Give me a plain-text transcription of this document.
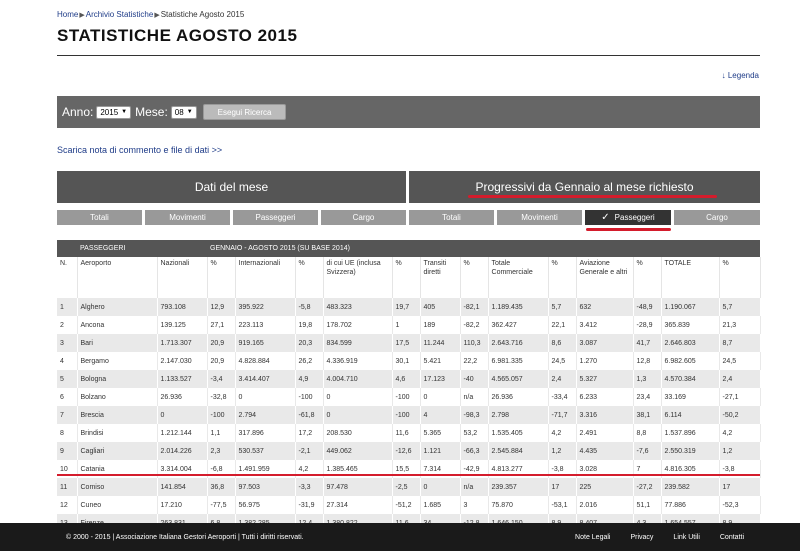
Home▶Archivio Statistiche▶Statistiche Agosto 2015
STATISTICHE AGOSTO 2015
↓ Legenda
Anno: 2015 ▼ Mese: 08 ▼	Esegui Ricerca
Scarica nota di commento e file di dati >>
Dati del mese	Progressivi da Gennaio al mese richiesto
Totali	Movimenti	Passeggeri	Cargo	Totali	Movimenti	✓ Passeggeri	Cargo
	PASSEGGERI		GENNAIO - AGOSTO 2015 (SU BASE 2014)												
N.	Aeroporto	Nazionali	%	Internazionali	%	di cui UE (inclusa Svizzera)	%	Transiti diretti	%	Totale Commerciale	%	Aviazione Generale e altri	%	TOTALE	%
1	Alghero	793.108	12,9	395.922	-5,8	483.323	19,7	405	-82,1	1.189.435	5,7	632	-48,9	1.190.067	5,7
2	Ancona	139.125	27,1	223.113	19,8	178.702	1	189	-82,2	362.427	22,1	3.412	-28,9	365.839	21,3
3	Bari	1.713.307	20,9	919.165	20,3	834.599	17,5	11.244	110,3	2.643.716	8,6	3.087	41,7	2.646.803	8,7
4	Bergamo	2.147.030	20,9	4.828.884	26,2	4.336.919	30,1	5.421	22,2	6.981.335	24,5	1.270	12,8	6.982.605	24,5
5	Bologna	1.133.527	-3,4	3.414.407	4,9	4.004.710	4,6	17.123	-40	4.565.057	2,4	5.327	1,3	4.570.384	2,4
6	Bolzano	26.936	-32,8	0	-100	0	-100	0	n/a	26.936	-33,4	6.233	23,4	33.169	-27,1
7	Brescia	0	-100	2.794	-61,8	0	-100	4	-98,3	2.798	-71,7	3.316	38,1	6.114	-50,2
8	Brindisi	1.212.144	1,1	317.896	17,2	208.530	11,6	5.365	53,2	1.535.405	4,2	2.491	8,8	1.537.896	4,2
9	Cagliari	2.014.226	2,3	530.537	-2,1	449.062	-12,6	1.121	-66,3	2.545.884	1,2	4.435	-7,6	2.550.319	1,2
10	Catania	3.314.004	-6,8	1.491.959	4,2	1.385.465	15,5	7.314	-42,9	4.813.277	-3,8	3.028	7	4.816.305	-3,8
11	Comiso	141.854	36,8	97.503	-3,3	97.478	-2,5	0	n/a	239.357	17	225	-27,2	239.582	17
12	Cuneo	17.210	-77,5	56.975	-31,9	27.314	-51,2	1.685	3	75.870	-53,1	2.016	51,1	77.886	-52,3

© 2000 - 2015 | Associazione Italiana Gestori Aeroporti | Tutti i diritti riservati.	Note Legali	Privacy	Link Utili	Contatti
